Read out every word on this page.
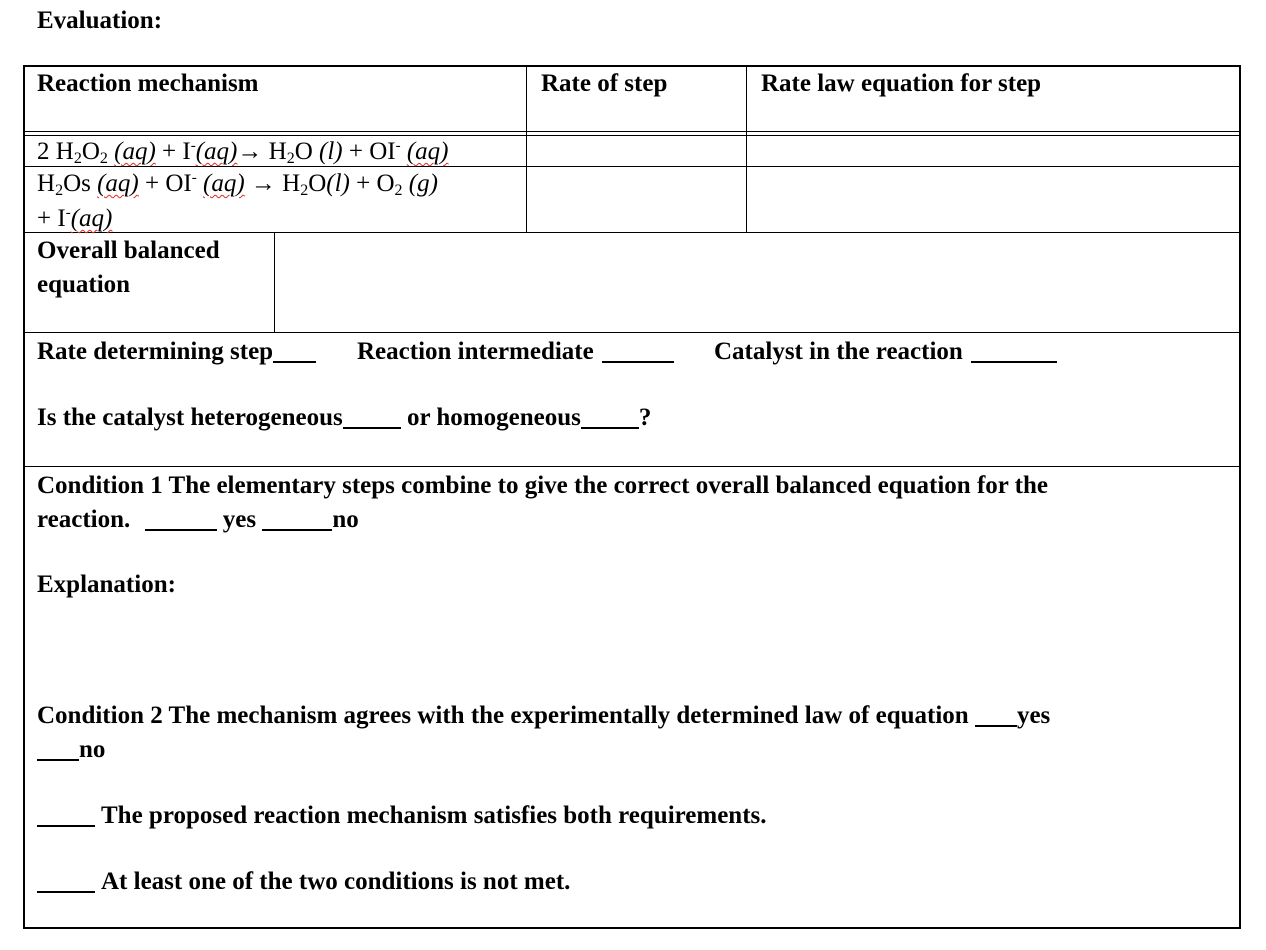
Evaluation:
Reaction mechanism	Rate of step	Rate law equation for step
2 $H_2O_2$ $(aq) + I^-(aq)\to H_2O$ (l) + OI- (aq)
$H_2Os$ (aq) + OI- $(aq) \to H_2O(l) + O_2$ (g)
+ I-(aq)
Overall balanced
equation
Rate determining step	Reaction intermediate	Catalyst in the reaction
Is the catalyst heterogeneous	or homogeneous ?
Condition 1 The elementary steps combine to give the correct overall balanced equation for the
reaction.	yes	no
Explanation:
Condition 2 The mechanism agrees with the experimentally determined law of equation yes
no
The proposed reaction mechanism satisfies both requirements.
At least one of the two conditions is not met.
